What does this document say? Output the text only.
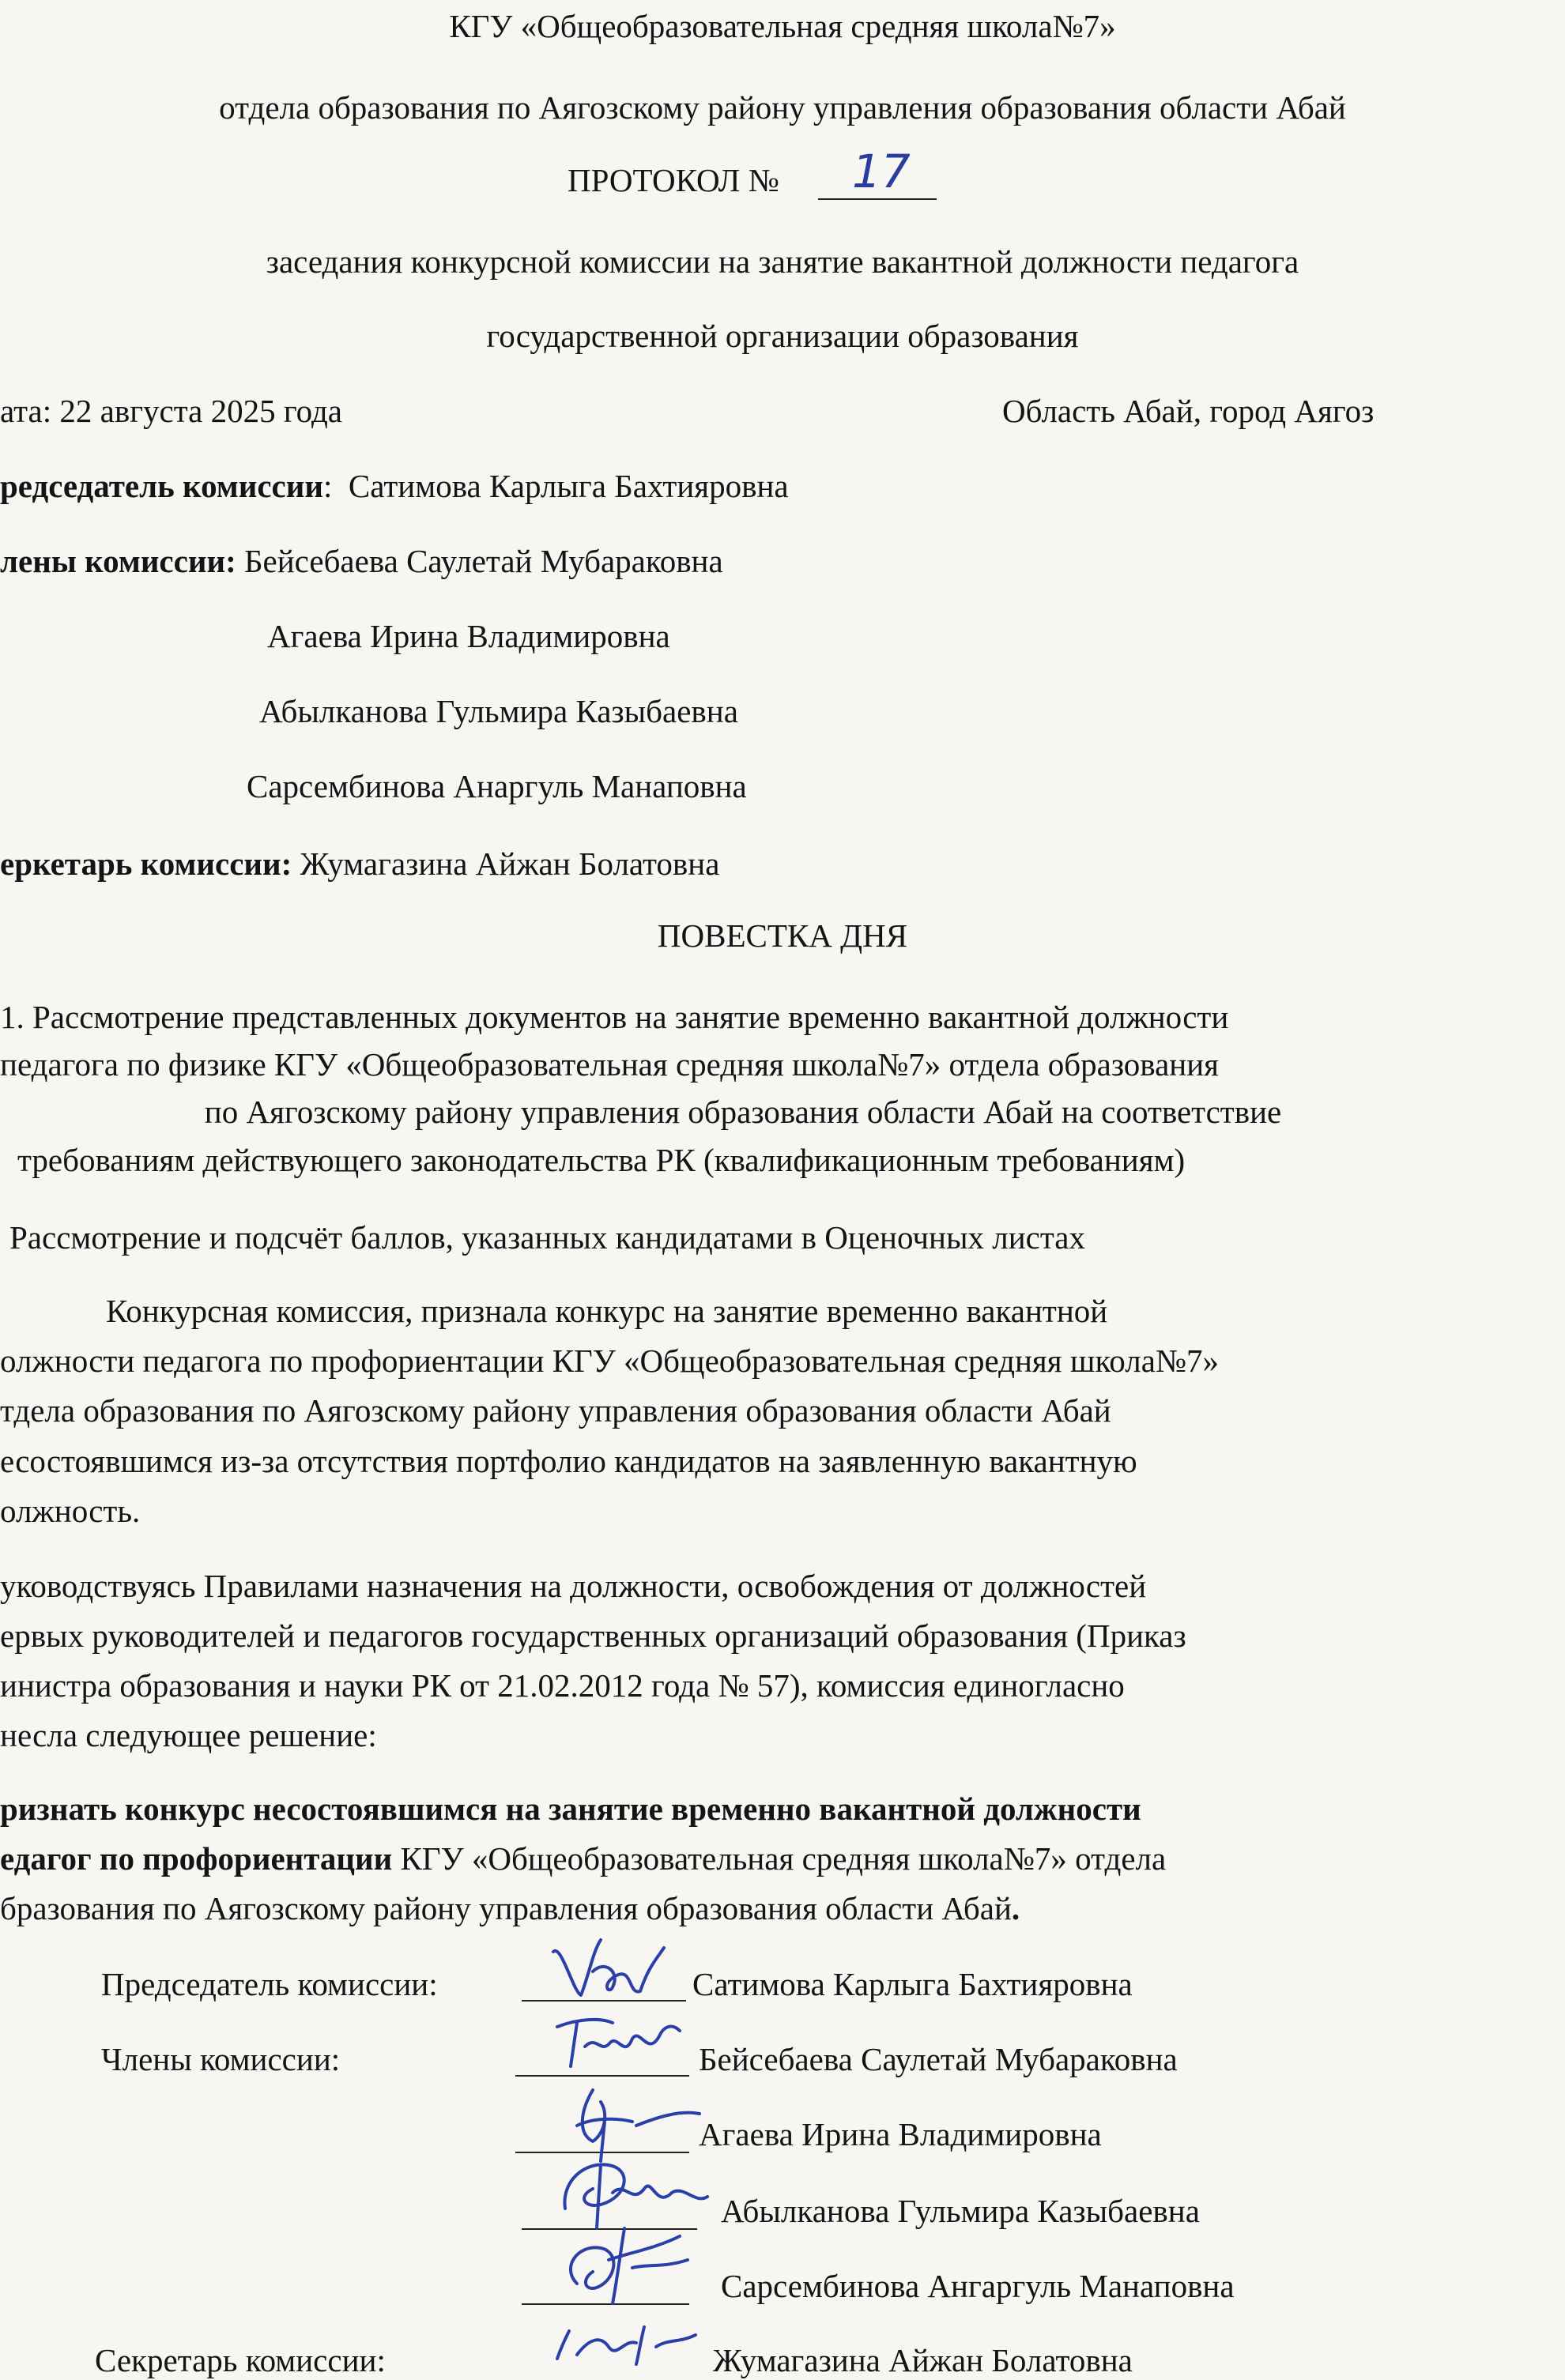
КГУ «Общеобразовательная средняя школа№7»
отдела образования по Аягозскому району управления образования области Абай
ПРОТОКОЛ № 17
заседания конкурсной комиссии на занятие вакантной должности педагога
государственной организации образования
ата: 22 августа 2025 года	Область Абай, город Аягоз
редседатель комиссии:  Сатимова Карлыга Бахтияровна
лены комиссии: Бейсебаева Саулетай Мубараковна
Агаева Ирина Владимировна
Абылканова Гульмира Казыбаевна
Сарсембинова Анаргуль Манаповна
еркетарь комиссии: Жумагазина Айжан Болатовна
ПОВЕСТКА ДНЯ
1. Рассмотрение представленных документов на занятие временно вакантной должности
педагога по физике КГУ «Общеобразовательная средняя школа№7» отдела образования
по Аягозскому району управления образования области Абай на соответствие
требованиям действующего законодательства РК (квалификационным требованиям)
Рассмотрение и подсчёт баллов, указанных кандидатами в Оценочных листах
Конкурсная комиссия, признала конкурс на занятие временно вакантной
олжности педагога по профориентации КГУ «Общеобразовательная средняя школа№7»
тдела образования по Аягозскому району управления образования области Абай
есостоявшимся из-за отсутствия портфолио кандидатов на заявленную вакантную
олжность.
уководствуясь Правилами назначения на должности, освобождения от должностей
ервых руководителей и педагогов государственных организаций образования (Приказ
инистра образования и науки РК от 21.02.2012 года № 57), комиссия единогласно
несла следующее решение:
ризнать конкурс несостоявшимся на занятие временно вакантной должности
едагог по профориентации КГУ «Общеобразовательная средняя школа№7» отдела
бразования по Аягозскому району управления образования области Абай.
Председатель комиссии:	Сатимова Карлыга Бахтияровна
Члены комиссии:	Бейсебаева Саулетай Мубараковна
Агаева Ирина Владимировна
Абылканова Гульмира Казыбаевна
Сарсембинова Ангаргуль Манаповна
Секретарь комиссии:	Жумагазина Айжан Болатовна
